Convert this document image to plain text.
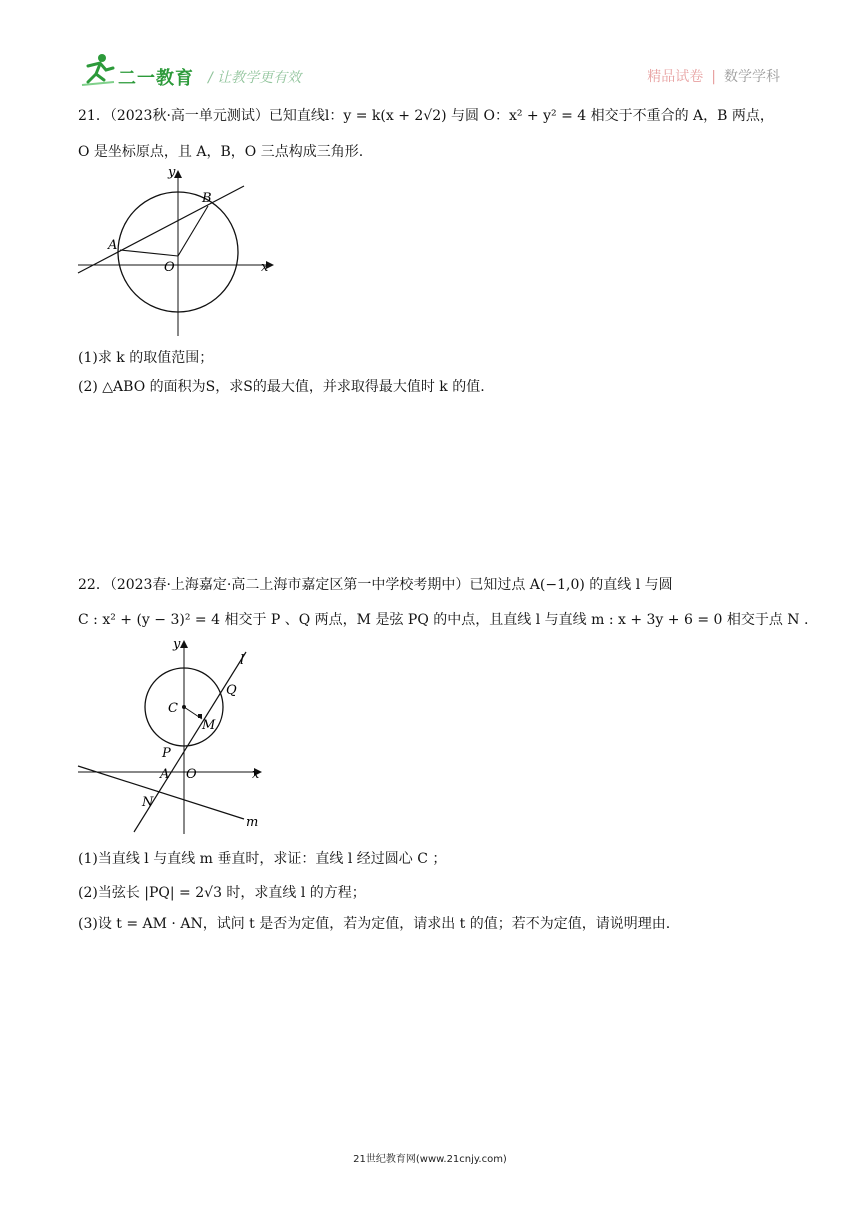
二一教育 / 让教学更有效	精品试卷 | 数学学科
21．（2023秋·高一单元测试）已知直线l：y = k(x + 2√2) 与圆 O：x² + y² = 4 相交于不重合的 A，B 两点，
O 是坐标原点，且 A，B，O 三点构成三角形.
y
x
O
A
B
(1)求 k 的取值范围；
(2) △ABO 的面积为S，求S的最大值，并求取得最大值时 k 的值.
22．（2023春·上海嘉定·高二上海市嘉定区第一中学校考期中）已知过点 A(−1,0) 的直线 l 与圆
C : x² + (y − 3)² = 4 相交于 P 、Q 两点，M 是弦 PQ 的中点，且直线 l 与直线 m : x + 3y + 6 = 0 相交于点 N .
y
x
O
A
C
M
P
Q
N
l
m
(1)当直线 l 与直线 m 垂直时，求证：直线 l 经过圆心 C ；
(2)当弦长 |PQ| = 2√3 时，求直线 l 的方程；
(3)设 t = AM · AN，试问 t 是否为定值，若为定值，请求出 t 的值；若不为定值，请说明理由.
21世纪教育网(www.21cnjy.com)
